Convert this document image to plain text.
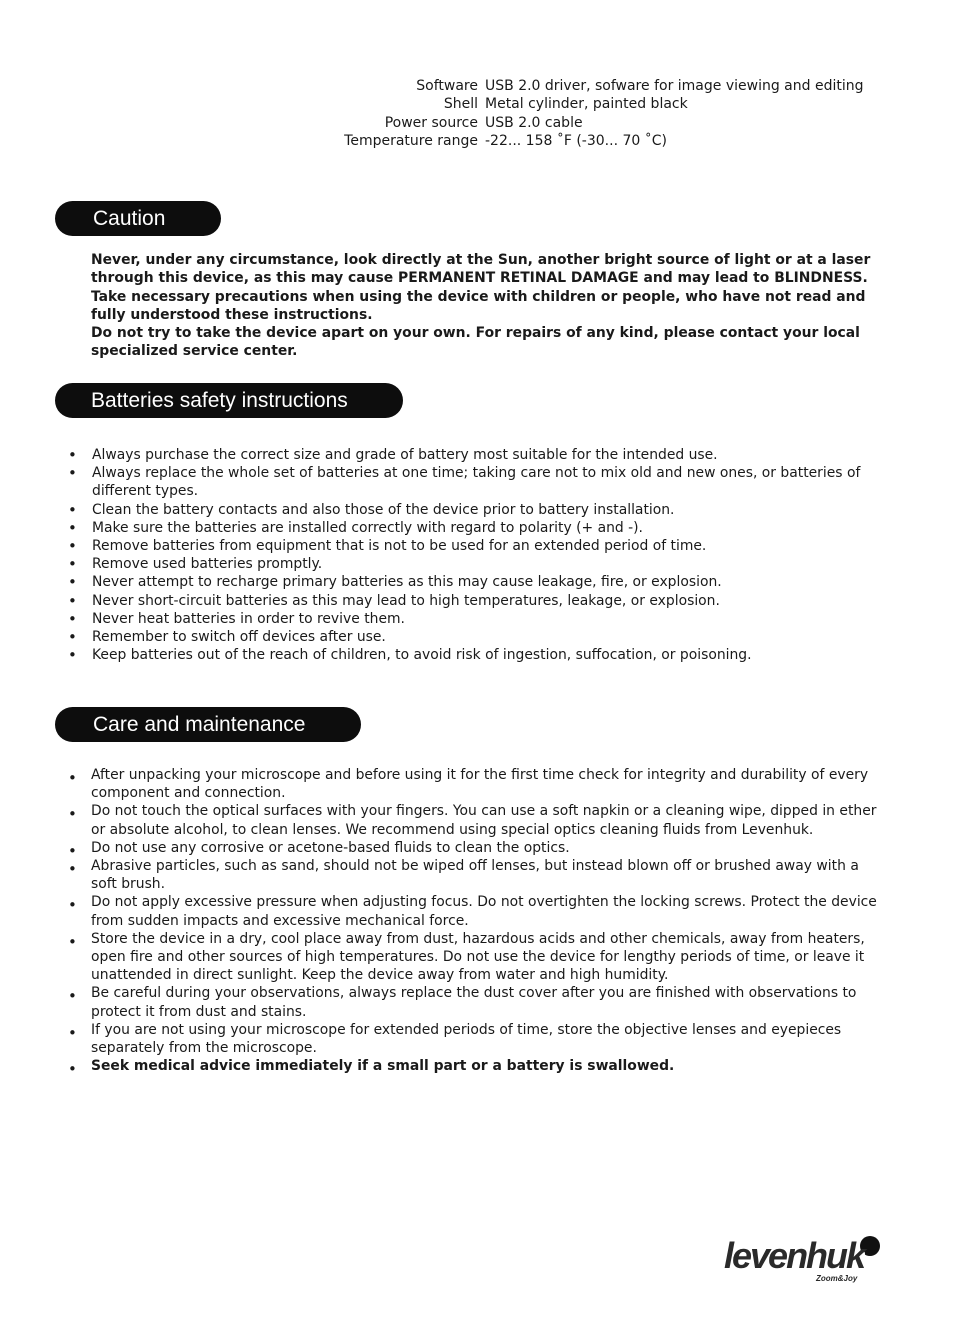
Software USB 2.0 driver, sofware for image viewing and editing
Shell Metal cylinder, painted black
Power source USB 2.0 cable
Temperature range -22... 158 ˚F (-30... 70 ˚C)
Caution

Never, under any circumstance, look directly at the Sun, another bright source of light or at a laser through this device, as this may cause PERMANENT RETINAL DAMAGE and may lead to BLINDNESS.

Take necessary precautions when using the device with children or people, who have not read and fully understood these instructions.

Do not try to take the device apart on your own. For repairs of any kind, please contact your local specialized service center.

Batteries safety instructions
• Always purchase the correct size and grade of battery most suitable for the intended use.
• Always replace the whole set of batteries at one time; taking care not to mix old and new ones, or batteries of different types.
• Clean the battery contacts and also those of the device prior to battery installation.
• Make sure the batteries are installed correctly with regard to polarity (+ and -).
• Remove batteries from equipment that is not to be used for an extended period of time.
• Remove used batteries promptly.
• Never attempt to recharge primary batteries as this may cause leakage, fire, or explosion.
• Never short-circuit batteries as this may lead to high temperatures, leakage, or explosion.
• Never heat batteries in order to revive them.
• Remember to switch off devices after use.
• Keep batteries out of the reach of children, to avoid risk of ingestion, suffocation, or poisoning.
Care and maintenance
• After unpacking your microscope and before using it for the first time check for integrity and durability of every component and connection.
• Do not touch the optical surfaces with your fingers. You can use a soft napkin or a cleaning wipe, dipped in ether or absolute alcohol, to clean lenses. We recommend using special optics cleaning fluids from Levenhuk.
• Do not use any corrosive or acetone-based fluids to clean the optics.
• Abrasive particles, such as sand, should not be wiped off lenses, but instead blown off or brushed away with a soft brush.
• Do not apply excessive pressure when adjusting focus. Do not overtighten the locking screws. Protect the device from sudden impacts and excessive mechanical force.
• Store the device in a dry, cool place away from dust, hazardous acids and other chemicals, away from heaters, open fire and other sources of high temperatures. Do not use the device for lengthy periods of time, or leave it unattended in direct sunlight. Keep the device away from water and high humidity.
• Be careful during your observations, always replace the dust cover after you are finished with observations to protect it from dust and stains.
• If you are not using your microscope for extended periods of time, store the objective lenses and eyepieces separately from the microscope.
• Seek medical advice immediately if a small part or a battery is swallowed.
levenhuk
Zoom&Joy
